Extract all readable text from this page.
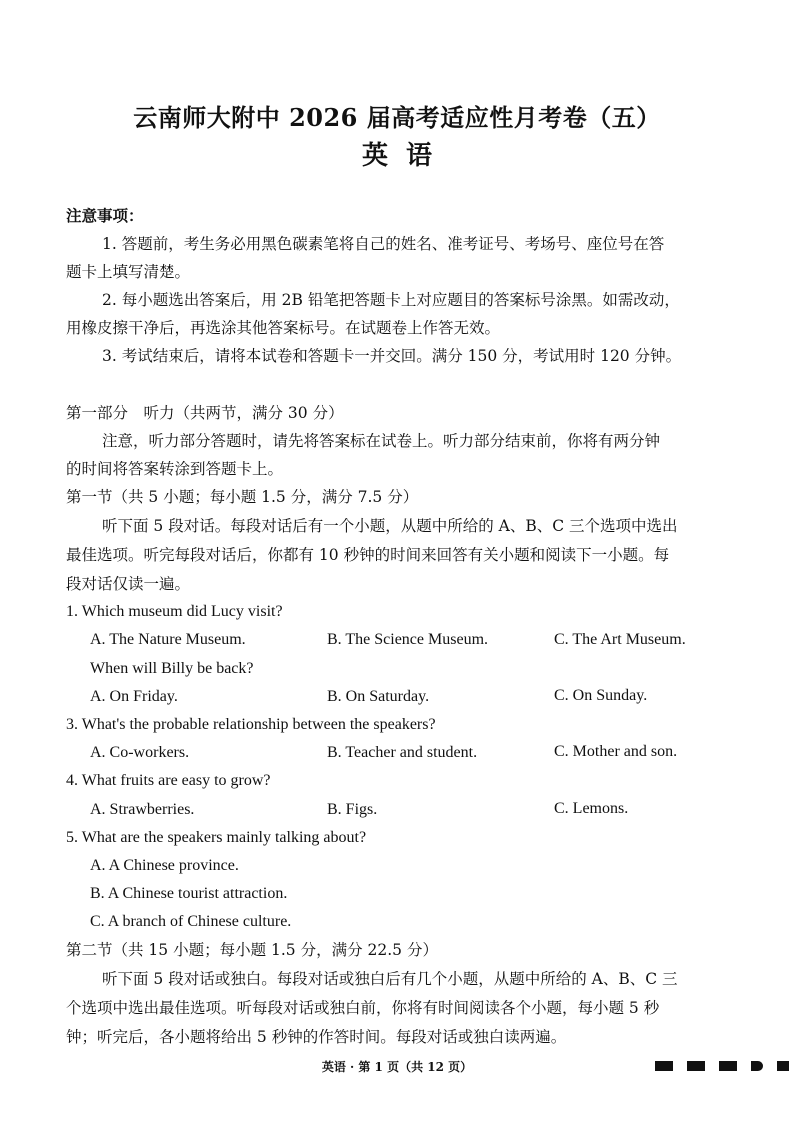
云南师大附中 2026 届高考适应性月考卷（五）
英语
注意事项：
1. 答题前，考生务必用黑色碳素笔将自己的姓名、准考证号、考场号、座位号在答
题卡上填写清楚。
2. 每小题选出答案后，用 2B 铅笔把答题卡上对应题目的答案标号涂黑。如需改动，
用橡皮擦干净后，再选涂其他答案标号。在试题卷上作答无效。
3. 考试结束后，请将本试卷和答题卡一并交回。满分 150 分，考试用时 120 分钟。
第一部分　听力（共两节，满分 30 分）
注意，听力部分答题时，请先将答案标在试卷上。听力部分结束前，你将有两分钟
的时间将答案转涂到答题卡上。
第一节（共 5 小题；每小题 1.5 分，满分 7.5 分）
听下面 5 段对话。每段对话后有一个小题，从题中所给的 A、B、C 三个选项中选出
最佳选项。听完每段对话后，你都有 10 秒钟的时间来回答有关小题和阅读下一小题。每
段对话仅读一遍。
1. Which museum did Lucy visit?
A. The Nature Museum.	B. The Science Museum.	C. The Art Museum.
When will Billy be back?
A. On Friday.	B. On Saturday.	C. On Sunday.
3. What's the probable relationship between the speakers?
A. Co-workers.	B. Teacher and student.	C. Mother and son.
4. What fruits are easy to grow?
A. Strawberries.	B. Figs.	C. Lemons.
5. What are the speakers mainly talking about?
A. A Chinese province.
B. A Chinese tourist attraction.
C. A branch of Chinese culture.
第二节（共 15 小题；每小题 1.5 分，满分 22.5 分）
听下面 5 段对话或独白。每段对话或独白后有几个小题，从题中所给的 A、B、C 三
个选项中选出最佳选项。听每段对话或独白前，你将有时间阅读各个小题，每小题 5 秒
钟；听完后，各小题将给出 5 秒钟的作答时间。每段对话或独白读两遍。
英语 · 第 1 页（共 12 页）
